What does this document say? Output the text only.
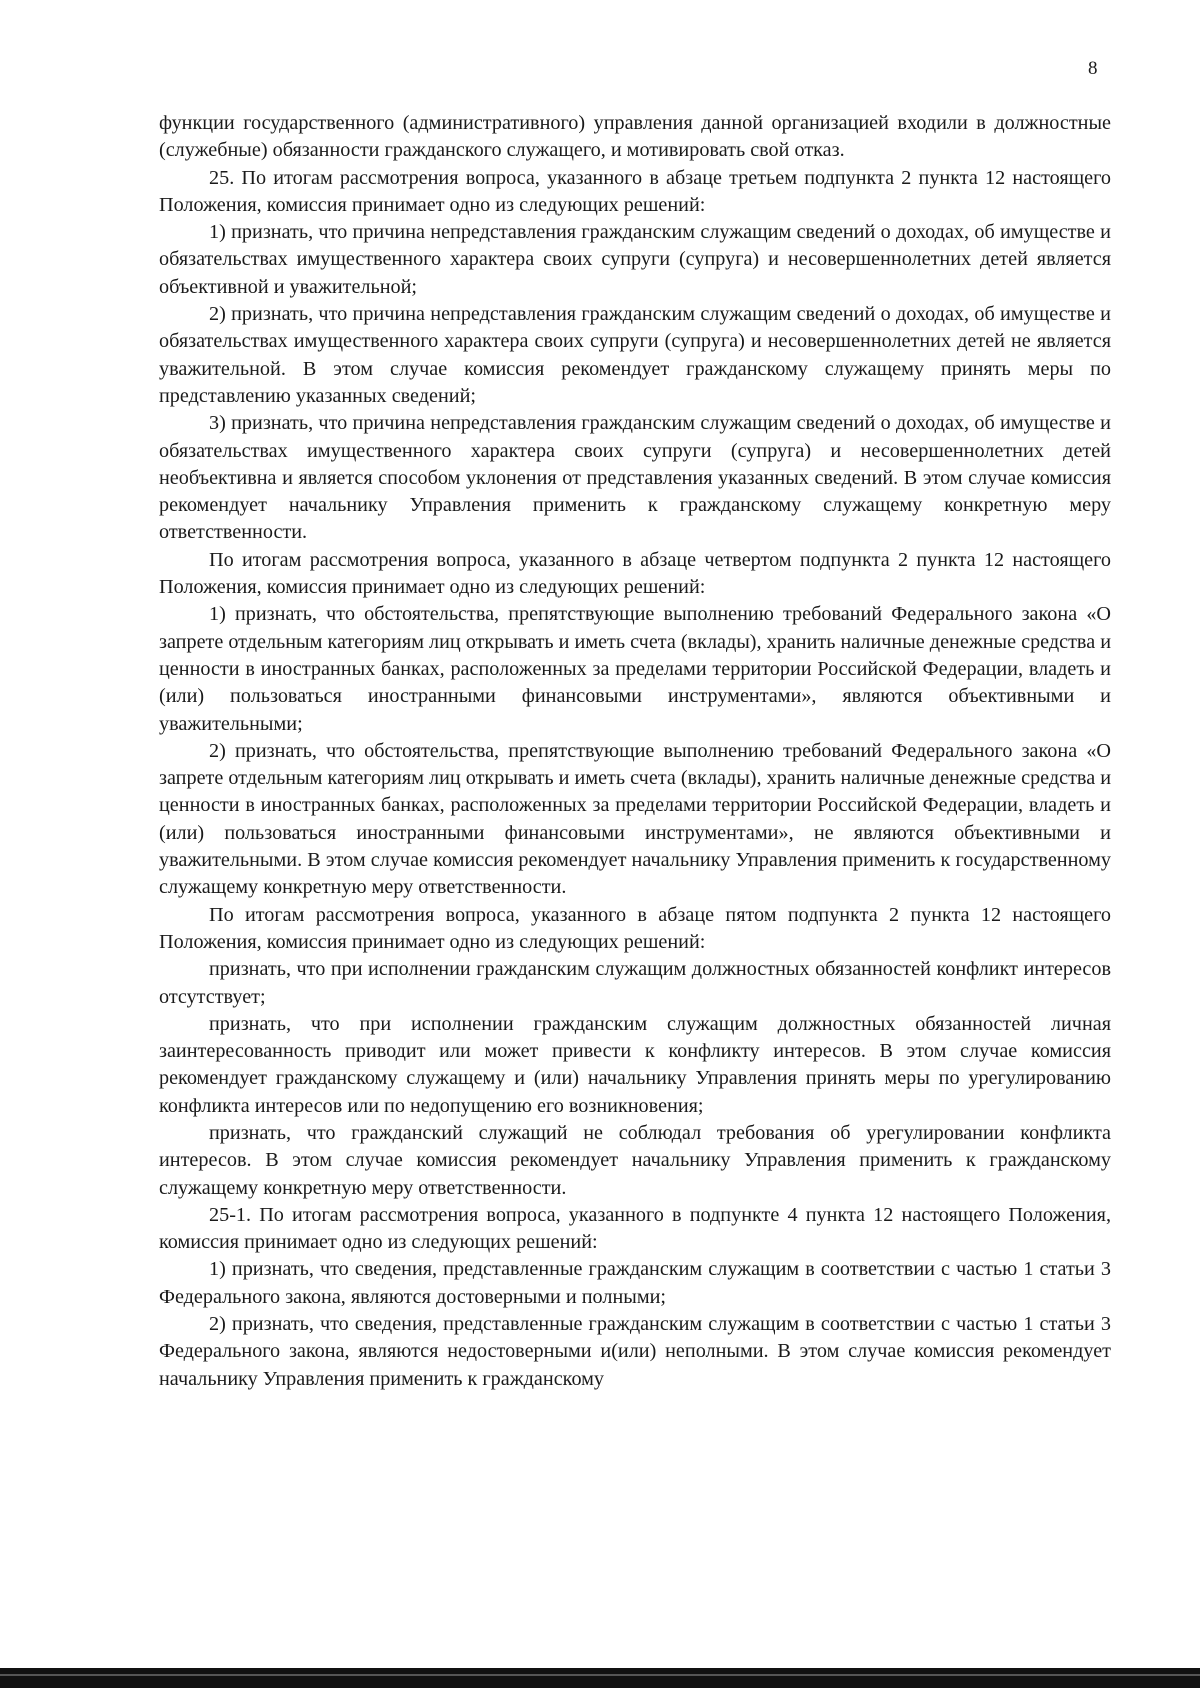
8

функции государственного (административного) управления данной организацией входили в должностные (служебные) обязанности гражданского служащего, и мотивировать свой отказ.

25. По итогам рассмотрения вопроса, указанного в абзаце третьем подпункта 2 пункта 12 настоящего Положения, комиссия принимает одно из следующих решений:

1) признать, что причина непредставления гражданским служащим сведений о доходах, об имуществе и обязательствах имущественного характера своих супруги (супруга) и несовершеннолетних детей является объективной и уважительной;

2) признать, что причина непредставления гражданским служащим сведений о доходах, об имуществе и обязательствах имущественного характера своих супруги (супруга) и несовершеннолетних детей не является уважительной. В этом случае комиссия рекомендует гражданскому служащему принять меры по представлению указанных сведений;

3) признать, что причина непредставления гражданским служащим сведений о доходах, об имуществе и обязательствах имущественного характера своих супруги (супруга) и несовершеннолетних детей необъективна и является способом уклонения от представления указанных сведений. В этом случае комиссия рекомендует начальнику Управления применить к гражданскому служащему конкретную меру ответственности.

По итогам рассмотрения вопроса, указанного в абзаце четвертом подпункта 2 пункта 12 настоящего Положения, комиссия принимает одно из следующих решений:

1) признать, что обстоятельства, препятствующие выполнению требований Федерального закона «О запрете отдельным категориям лиц открывать и иметь счета (вклады), хранить наличные денежные средства и ценности в иностранных банках, расположенных за пределами территории Российской Федерации, владеть и (или) пользоваться иностранными финансовыми инструментами», являются объективными и уважительными;

2) признать, что обстоятельства, препятствующие выполнению требований Федерального закона «О запрете отдельным категориям лиц открывать и иметь счета (вклады), хранить наличные денежные средства и ценности в иностранных банках, расположенных за пределами территории Российской Федерации, владеть и (или) пользоваться иностранными финансовыми инструментами», не являются объективными и уважительными. В этом случае комиссия рекомендует начальнику Управления применить к государственному служащему конкретную меру ответственности.

По итогам рассмотрения вопроса, указанного в абзаце пятом подпункта 2 пункта 12 настоящего Положения, комиссия принимает одно из следующих решений:

признать, что при исполнении гражданским служащим должностных обязанностей конфликт интересов отсутствует;

признать, что при исполнении гражданским служащим должностных обязанностей личная заинтересованность приводит или может привести к конфликту интересов. В этом случае комиссия рекомендует гражданскому служащему и (или) начальнику Управления принять меры по урегулированию конфликта интересов или по недопущению его возникновения;

признать, что гражданский служащий не соблюдал требования об урегулировании конфликта интересов. В этом случае комиссия рекомендует начальнику Управления применить к гражданскому служащему конкретную меру ответственности.

25-1. По итогам рассмотрения вопроса, указанного в подпункте 4 пункта 12 настоящего Положения, комиссия принимает одно из следующих решений:

1) признать, что сведения, представленные гражданским служащим в соответствии с частью 1 статьи 3 Федерального закона, являются достоверными и полными;

2) признать, что сведения, представленные гражданским служащим в соответствии с частью 1 статьи 3 Федерального закона, являются недостоверными и(или) неполными. В этом случае комиссия рекомендует начальнику Управления применить к гражданскому
